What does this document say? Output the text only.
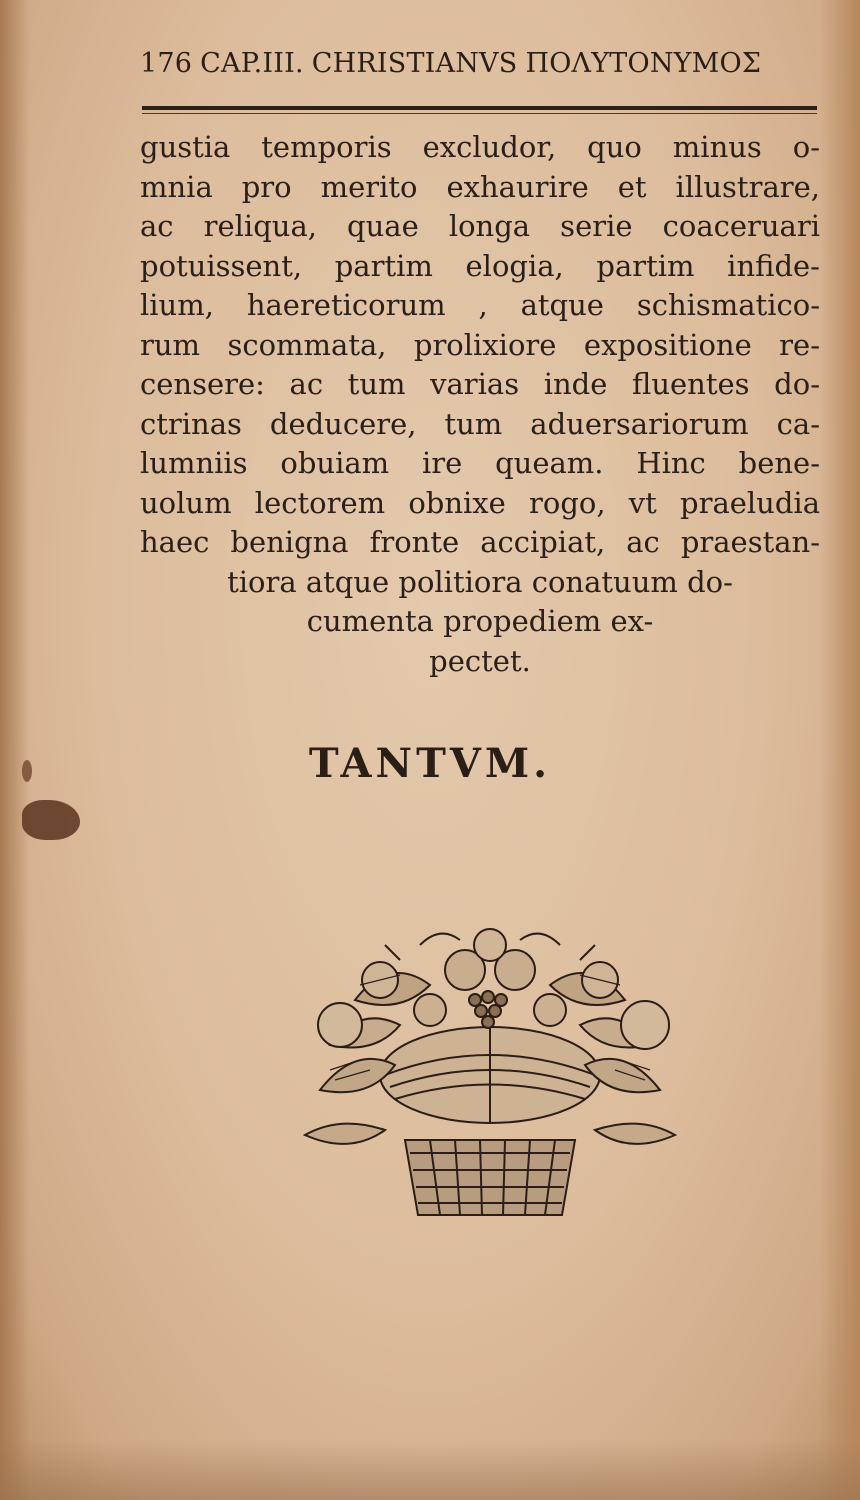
176 CAP.III. CHRISTIANVS ΠΟΛΥΤΟΝΥΜΟΣ
gustia temporis excludor, quo minus o-
mnia pro merito exhaurire et illustrare,
ac reliqua, quae longa serie coaceruari
potuissent, partim elogia, partim infide-
lium, haereticorum , atque schismatico-
rum scommata, prolixiore expositione re-
censere: ac tum varias inde fluentes do-
ctrinas deducere, tum aduersariorum ca-
lumniis obuiam ire queam. Hinc bene-
uolum lectorem obnixe rogo, vt praeludia
haec benigna fronte accipiat, ac praestan-
tiora atque politiora conatuum do-
cumenta propediem ex-
pectet.
TANTVM.
